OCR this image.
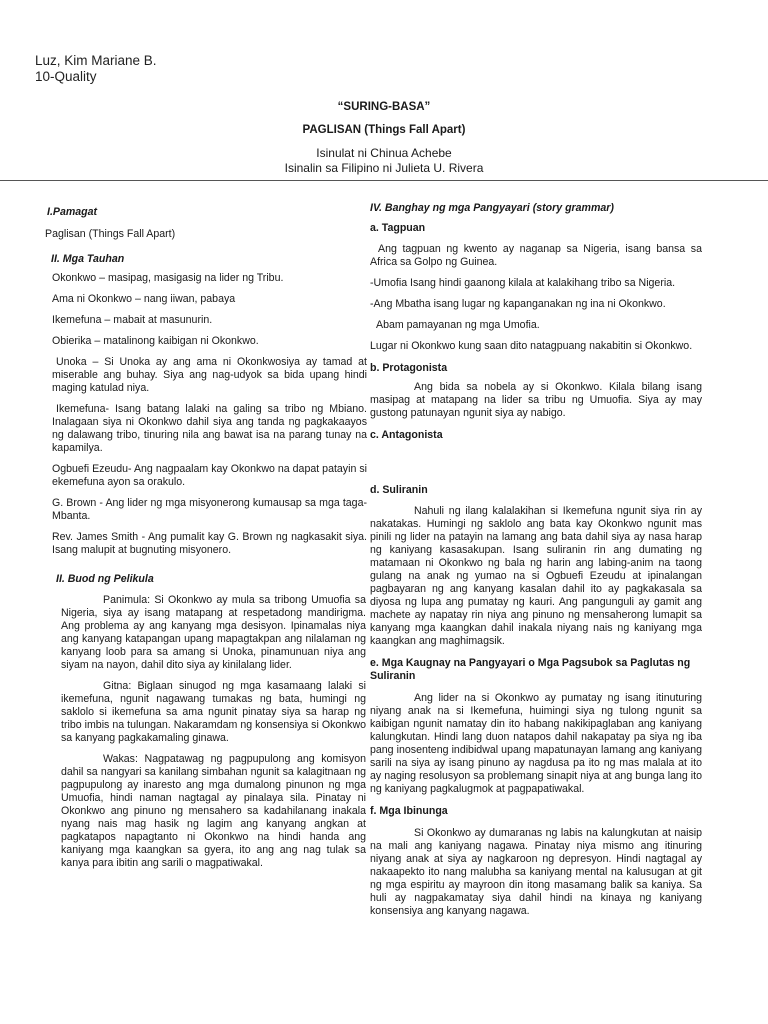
Luz, Kim Mariane B.
10-Quality
“SURING-BASA”
PAGLISAN (Things Fall Apart)
Isinulat ni Chinua Achebe
Isinalin sa Filipino ni Julieta U. Rivera
I.Pamagat

Paglisan (Things Fall Apart)

II. Mga Tauhan

Okonkwo – masipag, masigasig na lider ng Tribu.

Ama ni Okonkwo – nang iiwan, pabaya

Ikemefuna – mabait at masunurin.

Obierika – matalinong kaibigan ni Okonkwo.

Unoka – Si Unoka ay ang ama ni Okonkwosiya ay tamad at miserable ang buhay. Siya ang nag-udyok sa bida upang hindi maging katulad niya.

Ikemefuna- Isang batang lalaki na galing sa tribo ng Mbiano. Inalagaan siya ni Okonkwo dahil siya ang tanda ng pagkakaayos ng dalawang tribo, tinuring nila ang bawat isa na parang tunay na kapamilya.

Ogbuefi Ezeudu- Ang nagpaalam kay Okonkwo na dapat patayin si ekemefuna ayon sa orakulo.

G. Brown - Ang lider ng mga misyonerong kumausap sa mga taga-Mbanta.

Rev. James Smith - Ang pumalit kay G. Brown ng nagkasakit siya. Isang malupit at bugnuting misyonero.

II. Buod ng Pelikula

Panimula: Si Okonkwo ay mula sa tribong Umuofia sa Nigeria, siya ay isang matapang at respetadong mandirigma. Ang problema ay ang kanyang mga desisyon. Ipinamalas niya ang kanyang katapangan upang mapagtakpan ang nilalaman ng kanyang loob para sa amang si Unoka, pinamunuan niya ang siyam na nayon, dahil dito siya ay kinilalang lider.

Gitna: Biglaan sinugod ng mga kasamaang lalaki si ikemefuna, ngunit nagawang tumakas ng bata, humingi ng saklolo si ikemefuna sa ama ngunit pinatay siya sa harap ng tribo imbis na tulungan. Nakaramdam ng konsensiya si Okonkwo sa kanyang pagkakamaling ginawa.

Wakas: Nagpatawag ng pagpupulong ang komisyon dahil sa nangyari sa kanilang simbahan ngunit sa kalagitnaan ng pagpupulong ay inaresto ang mga dumalong pinunon ng mga Umuofia, hindi naman nagtagal ay pinalaya sila. Pinatay ni Okonkwo ang pinuno ng mensahero sa kadahilanang inakala nyang nais mag hasik ng lagim ang kanyang angkan at pagkatapos napagtanto ni Okonkwo na hindi handa ang kaniyang mga kaangkan sa gyera, ito ang ang nag tulak sa kanya para ibitin ang sarili o magpatiwakal.

IV. Banghay ng mga Pangyayari (story grammar)
a. Tagpuan

Ang tagpuan ng kwento ay naganap sa Nigeria, isang bansa sa Africa sa Golpo ng Guinea.

-Umofia Isang hindi gaanong kilala at kalakihang tribo sa Nigeria.

-Ang Mbatha isang lugar ng kapanganakan ng ina ni Okonkwo.

Abam pamayanan ng mga Umofia.

Lugar ni Okonkwo kung saan dito natagpuang nakabitin si Okonkwo.

b. Protagonista

Ang bida sa nobela ay si Okonkwo. Kilala bilang isang masipag at matapang na lider sa tribu ng Umuofia. Siya ay may gustong patunayan ngunit siya ay nabigo.

c. Antagonista
d. Suliranin

Nahuli ng ilang kalalakihan si Ikemefuna ngunit siya rin ay nakatakas. Humingi ng saklolo ang bata kay Okonkwo ngunit mas pinili ng lider na patayin na lamang ang bata dahil siya ay nasa harap ng kaniyang kasasakupan. Isang suliranin rin ang dumating ng matamaan ni Okonkwo ng bala ng harin ang labing-anim na taong gulang na anak ng yumao na si Ogbuefi Ezeudu at ipinalangan pagbayaran ng ang kanyang kasalan dahil ito ay pagkakasala sa diyosa ng lupa ang pumatay ng kauri. Ang pangunguli ay gamit ang machete ay napatay rin niya ang pinuno ng mensaherong lumapit sa kanyang mga kaangkan dahil inakala niyang nais ng kaniyang mga kaangkan ang maghimagsik.

e. Mga Kaugnay na Pangyayari o Mga Pagsubok sa Paglutas ng Suliranin

Ang lider na si Okonkwo ay pumatay ng isang itinuturing niyang anak na si Ikemefuna, huimingi siya ng tulong ngunit sa kaibigan ngunit namatay din ito habang nakikipaglaban ang kaniyang kalungkutan. Hindi lang duon natapos dahil nakapatay pa siya ng iba pang inosenteng indibidwal upang mapatunayan lamang ang kaniyang sarili na siya ay isang pinuno ay nagdusa pa ito ng mas malala at ito ay naging resolusyon sa problemang sinapit niya at ang bunga lang ito ng kaniyang pagkalugmok at pagpapatiwakal.

f. Mga Ibinunga

Si Okonkwo ay dumaranas ng labis na kalungkutan at naisip na mali ang kaniyang nagawa. Pinatay niya mismo ang itinuring niyang anak at siya ay nagkaroon ng depresyon. Hindi nagtagal ay nakaapekto ito nang malubha sa kaniyang mental na kalusugan at git ng mga espiritu ay mayroon din itong masamang balik sa kaniya. Sa huli ay nagpakamatay siya dahil hindi na kinaya ng kaniyang konsensiya ang kanyang nagawa.
